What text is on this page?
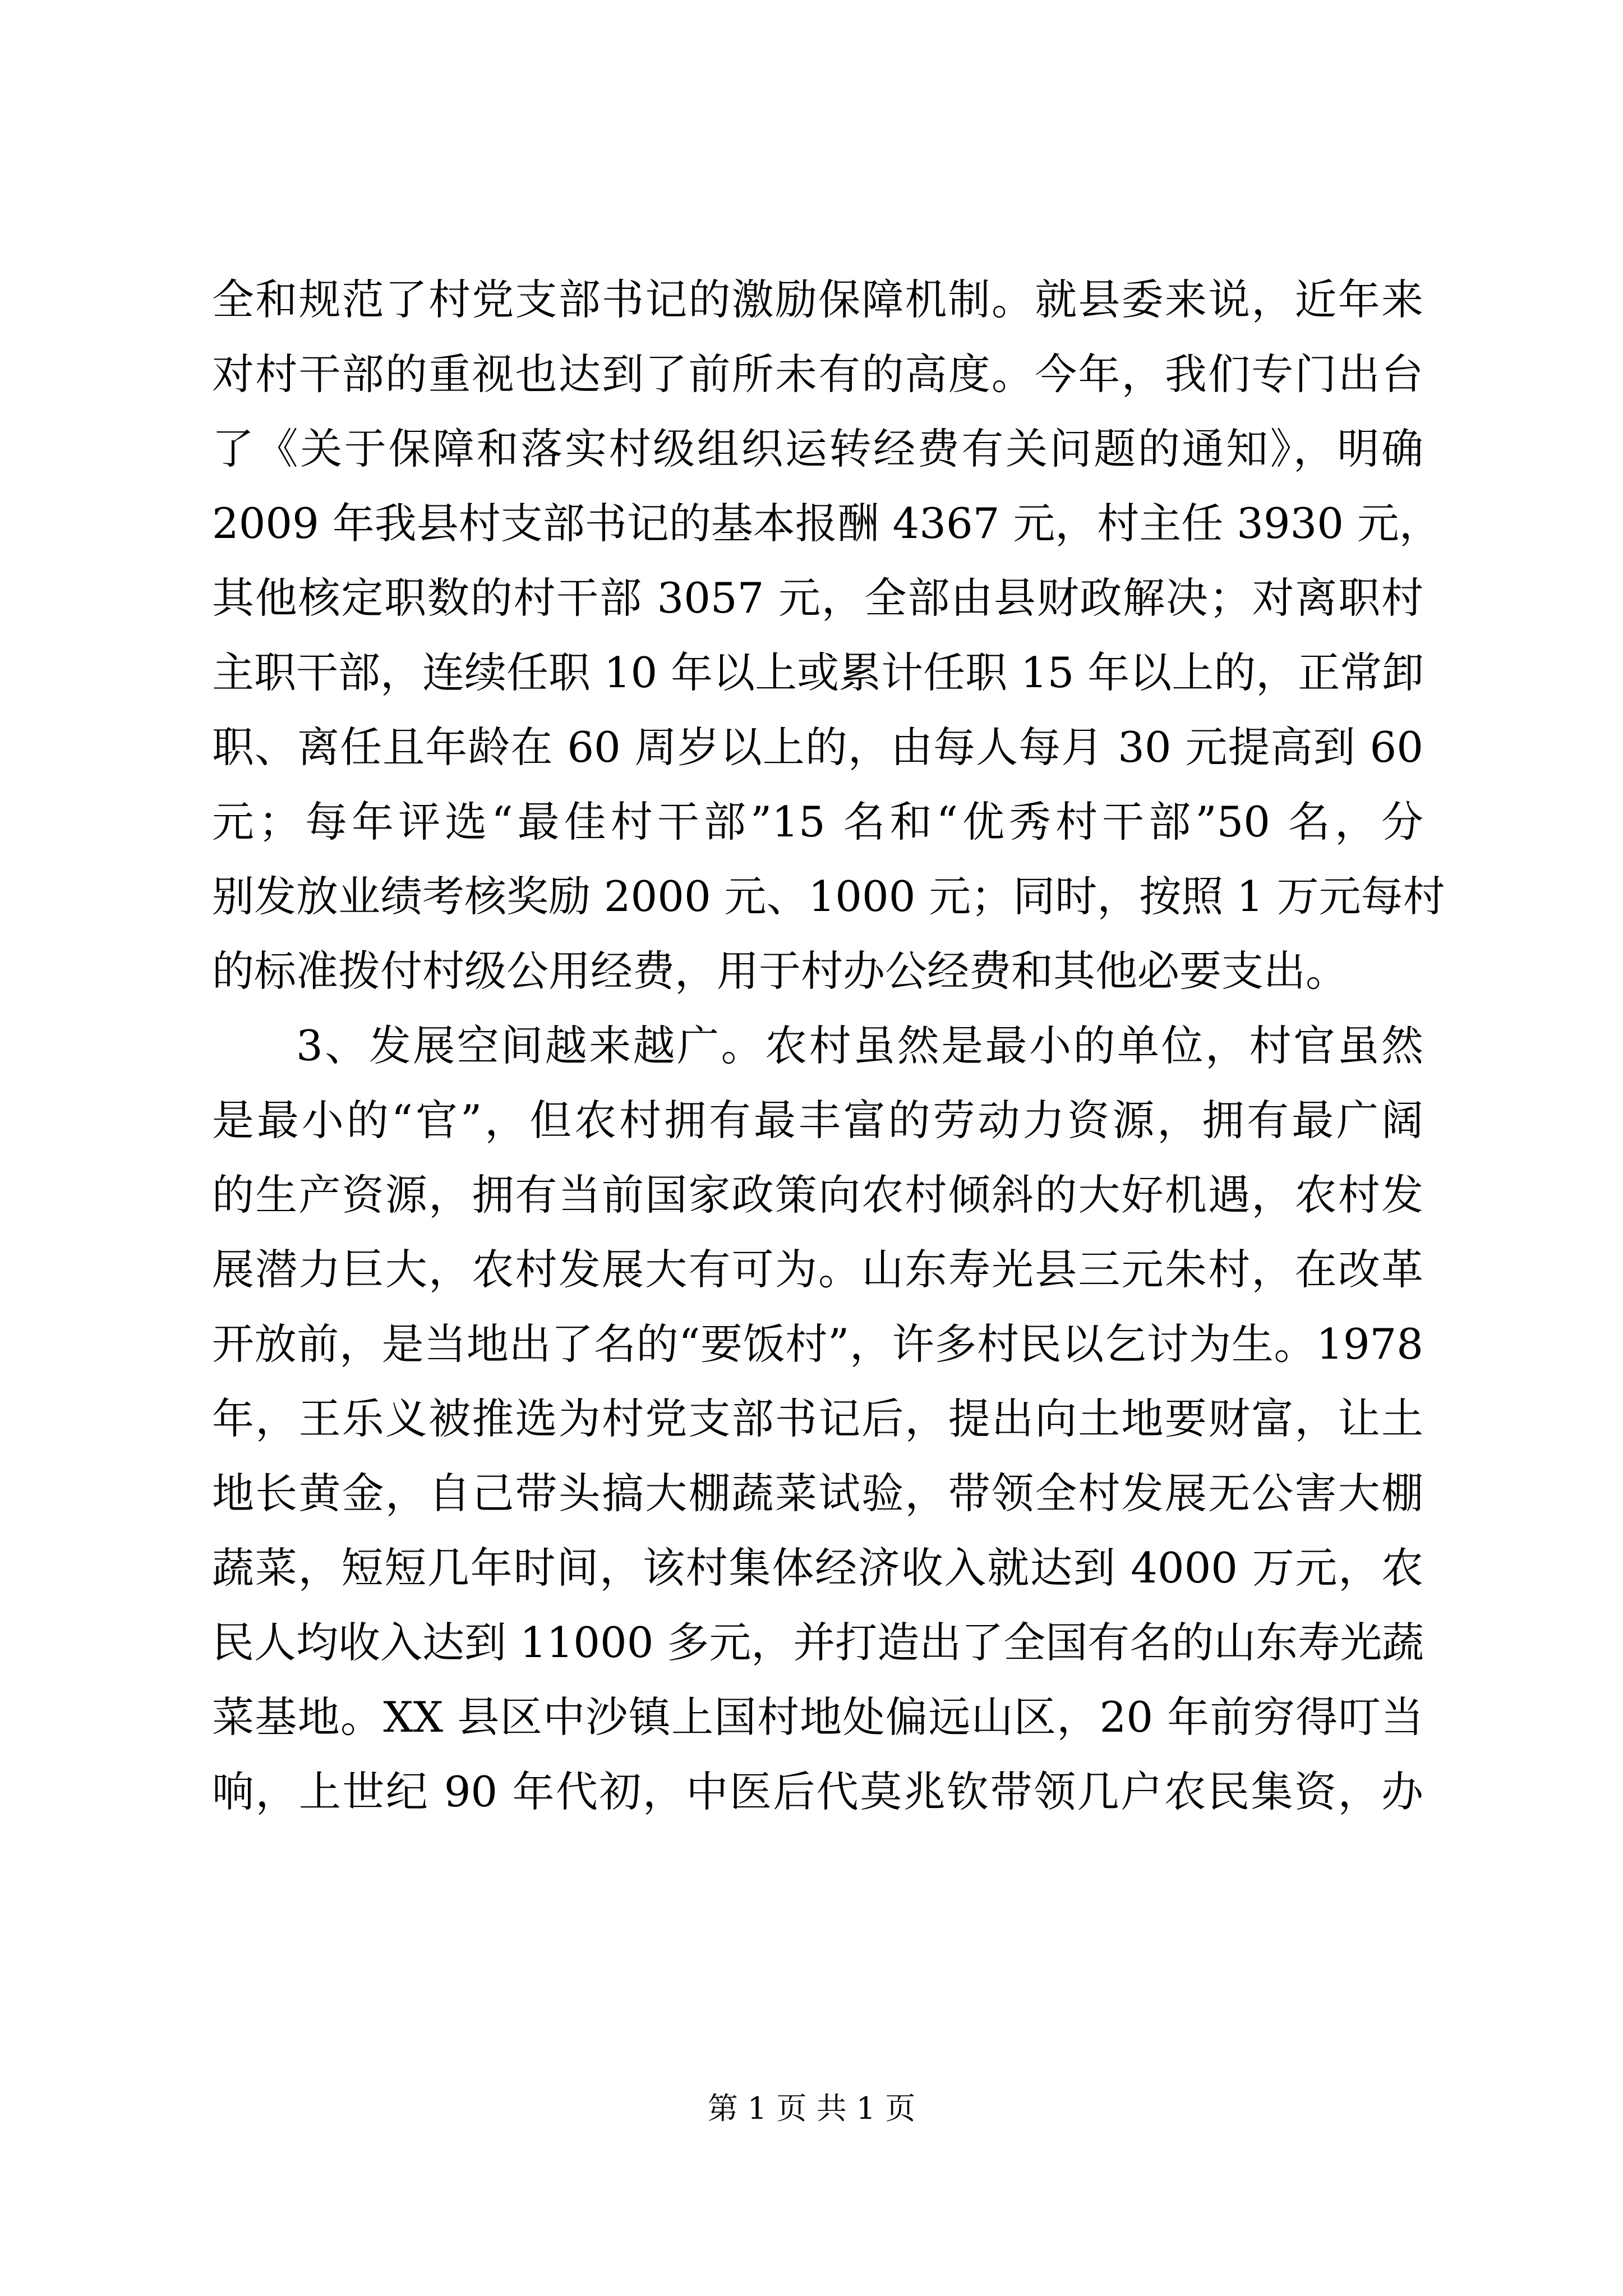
全和规范了村党支部书记的激励保障机制。就县委来说，近年来
对村干部的重视也达到了前所未有的高度。今年，我们专门出台
了《关于保障和落实村级组织运转经费有关问题的通知》，明确
2009 年我县村支部书记的基本报酬 4367 元，村主任 3930 元，
其他核定职数的村干部 3057 元，全部由县财政解决；对离职村
主职干部，连续任职 10 年以上或累计任职 15 年以上的，正常卸
职、离任且年龄在 60 周岁以上的，由每人每月 30 元提高到 60
元；每年评选“最佳村干部”15 名和“优秀村干部”50 名，分
别发放业绩考核奖励 2000 元、1000 元；同时，按照 1 万元每村
的标准拨付村级公用经费，用于村办公经费和其他必要支出。
3、发展空间越来越广。农村虽然是最小的单位，村官虽然
是最小的“官”，但农村拥有最丰富的劳动力资源，拥有最广阔
的生产资源，拥有当前国家政策向农村倾斜的大好机遇，农村发
展潜力巨大，农村发展大有可为。山东寿光县三元朱村，在改革
开放前，是当地出了名的“要饭村”，许多村民以乞讨为生。1978
年，王乐义被推选为村党支部书记后，提出向土地要财富，让土
地长黄金，自己带头搞大棚蔬菜试验，带领全村发展无公害大棚
蔬菜，短短几年时间，该村集体经济收入就达到 4000 万元，农
民人均收入达到 11000 多元，并打造出了全国有名的山东寿光蔬
菜基地。XX 县区中沙镇上国村地处偏远山区，20 年前穷得叮当
响，上世纪 90 年代初，中医后代莫兆钦带领几户农民集资，办
第 1 页 共 1 页
